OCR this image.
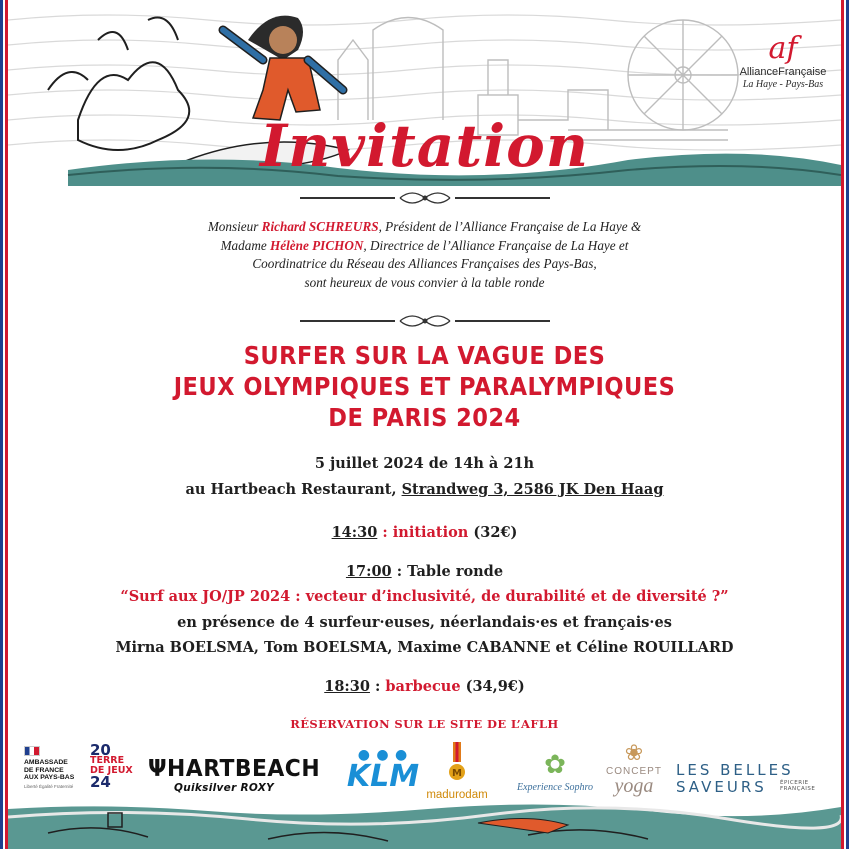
Invitation
af
AllianceFrançaise
La Haye - Pays-Bas
Monsieur Richard SCHREURS, Président de l’Alliance Française de La Haye &
Madame Hélène PICHON, Directrice de l’Alliance Française de La Haye et
Coordinatrice du Réseau des Alliances Françaises des Pays-Bas,
sont heureux de vous convier à la table ronde
SURFER SUR LA VAGUE DES
JEUX OLYMPIQUES ET PARALYMPIQUES
DE PARIS 2024
5 juillet 2024 de 14h à 21h
au Hartbeach Restaurant, Strandweg 3, 2586 JK Den Haag
14:30 : initiation (32€)
17:00 : Table ronde
“Surf aux JO/JP 2024 : vecteur d’inclusivité, de durabilité et de diversité ?”
en présence de 4 surfeur·euses, néerlandais·es et français·es
Mirna BOELSMA, Tom BOELSMA, Maxime CABANNE et Céline ROUILLARD
18:30 : barbecue (34,9€)
RÉSERVATION SUR LE SITE DE L’AFLH
AMBASSADE
DE FRANCE
AUX PAYS-BAS
Liberté Égalité Fraternité
20
TERRE
DE JEUX
24	ΨHARTBEACH
Quiksilver ROXY
● ● ●
KLM	M
madurodam
✿
Experience Sophro
❀
CONCEPT
yoga
LES BELLES
SAVEURS	ÉPICERIE FRANÇAISE
